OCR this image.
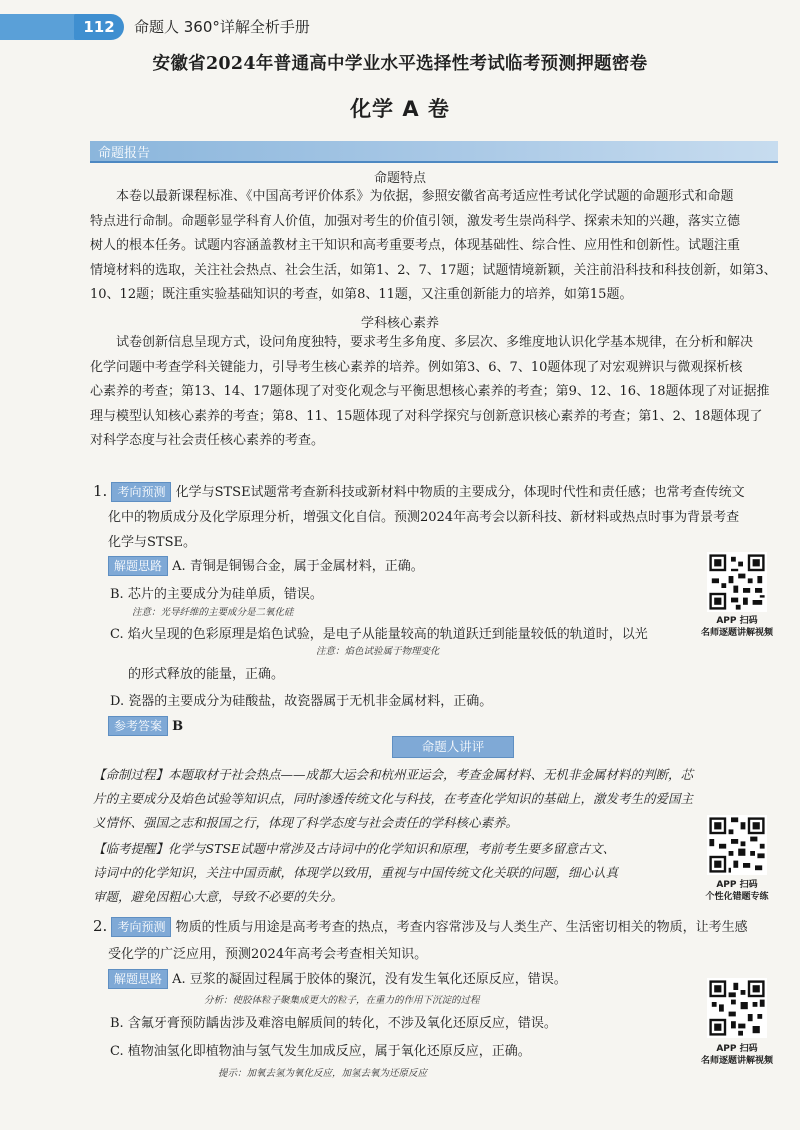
112	命题人 360°详解全析手册
安徽省2024年普通高中学业水平选择性考试临考预测押题密卷
化学 A 卷
命题报告
命题特点

本卷以最新课程标准、《中国高考评价体系》为依据，参照安徽省高考适应性考试化学试题的命题形式和命题

特点进行命制。命题彰显学科育人价值，加强对考生的价值引领，激发考生崇尚科学、探索未知的兴趣，落实立德
树人的根本任务。试题内容涵盖教材主干知识和高考重要考点，体现基础性、综合性、应用性和创新性。试题注重
情境材料的选取，关注社会热点、社会生活，如第1、2、7、17题；试题情境新颖，关注前沿科技和科技创新，如第3、
10、12题；既注重实验基础知识的考查，如第8、11题，又注重创新能力的培养，如第15题。
学科核心素养

试卷创新信息呈现方式，设问角度独特，要求考生多角度、多层次、多维度地认识化学基本规律，在分析和解决

化学问题中考查学科关键能力，引导考生核心素养的培养。例如第3、6、7、10题体现了对宏观辨识与微观探析核
心素养的考查；第13、14、17题体现了对变化观念与平衡思想核心素养的考查；第9、12、16、18题体现了对证据推
理与模型认知核心素养的考查；第8、11、15题体现了对科学探究与创新意识核心素养的考查；第1、2、18题体现了
对科学态度与社会责任核心素养的考查。
1. 考向预测 化学与STSE试题常考查新科技或新材料中物质的主要成分，体现时代性和责任感；也常考查传统文
化中的物质成分及化学原理分析，增强文化自信。预测2024年高考会以新科技、新材料或热点时事为背景考查
化学与STSE。
解题思路 A. 青铜是铜锡合金，属于金属材料，正确。
B. 芯片的主要成分为硅单质，错误。
注意：光导纤维的主要成分是二氧化硅
C. 焰火呈现的色彩原理是焰色试验，是电子从能量较高的轨道跃迁到能量较低的轨道时，以光
注意：焰色试验属于物理变化
的形式释放的能量，正确。
D. 瓷器的主要成分为硅酸盐，故瓷器属于无机非金属材料，正确。
参考答案 B
APP 扫码
名师逐题讲解视频
命题人讲评
【命制过程】本题取材于社会热点——成都大运会和杭州亚运会，考查金属材料、无机非金属材料的判断，芯
片的主要成分及焰色试验等知识点，同时渗透传统文化与科技，在考查化学知识的基础上，激发考生的爱国主
义情怀、强国之志和报国之行，体现了科学态度与社会责任的学科核心素养。
【临考提醒】化学与STSE试题中常涉及古诗词中的化学知识和原理，考前考生要多留意古文、
诗词中的化学知识，关注中国贡献，体现学以致用，重视与中国传统文化关联的问题，细心认真
审题，避免因粗心大意，导致不必要的失分。
APP 扫码
个性化错题专练
2. 考向预测 物质的性质与用途是高考考查的热点，考查内容常涉及与人类生产、生活密切相关的物质，让考生感
受化学的广泛应用，预测2024年高考会考查相关知识。
解题思路 A. 豆浆的凝固过程属于胶体的聚沉，没有发生氧化还原反应，错误。
分析：使胶体粒子聚集成更大的粒子，在重力的作用下沉淀的过程
B. 含氟牙膏预防龋齿涉及难溶电解质间的转化，不涉及氧化还原反应，错误。
C. 植物油氢化即植物油与氢气发生加成反应，属于氧化还原反应，正确。
提示：加氧去氢为氧化反应，加氢去氧为还原反应
APP 扫码
名师逐题讲解视频
